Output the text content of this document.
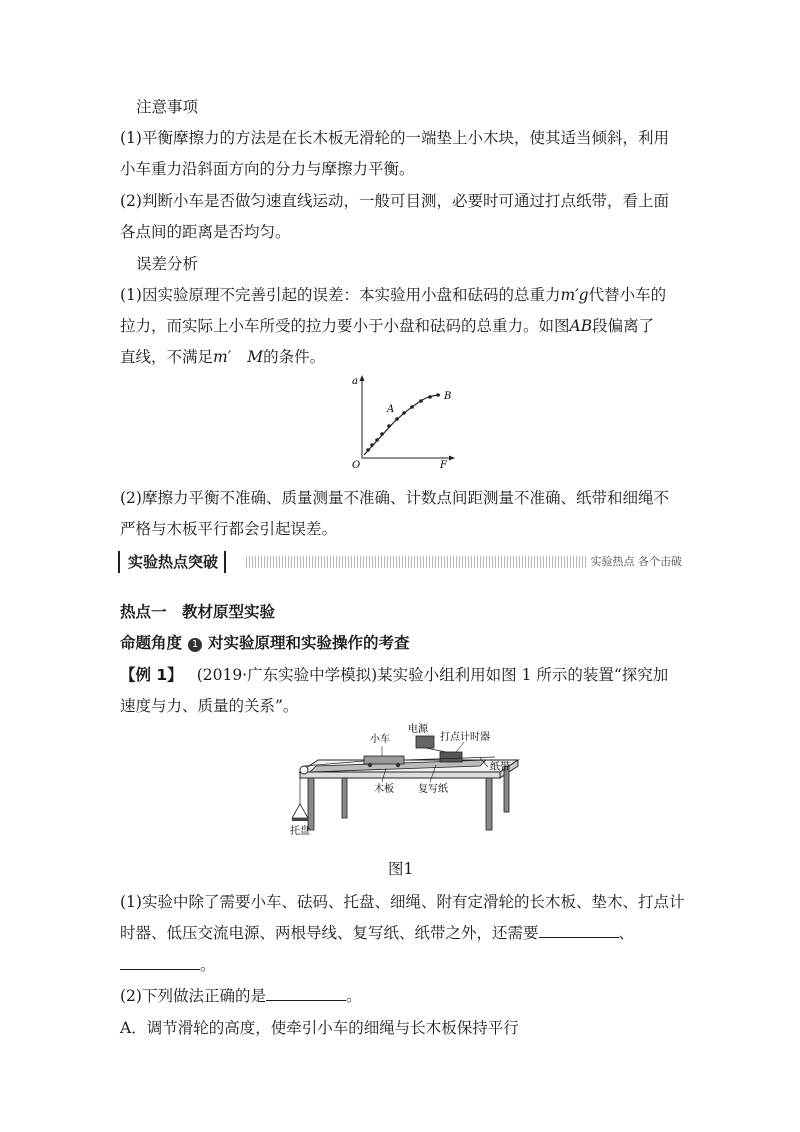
注意事项
(1)平衡摩擦力的方法是在长木板无滑轮的一端垫上小木块，使其适当倾斜，利用
小车重力沿斜面方向的分力与摩擦力平衡。
(2)判断小车是否做匀速直线运动，一般可目测，必要时可通过打点纸带，看上面
各点间的距离是否均匀。
误差分析
(1)因实验原理不完善引起的误差：本实验用小盘和砝码的总重力m′g代替小车的
拉力，而实际上小车所受的拉力要小于小盘和砝码的总重力。如图AB段偏离了
直线，不满足m′ M的条件。
a
F
O
A
B
(2)摩擦力平衡不准确、质量测量不准确、计数点间距测量不准确、纸带和细绳不
严格与木板平行都会引起误差。
实验热点突破	实验热点 各个击破
热点一　教材原型实验
命题角度 1 对实验原理和实验操作的考查
【例 1】 (2019·广东实验中学模拟)某实验小组利用如图 1 所示的装置“探究加
速度与力、质量的关系”。
电源
小车	打点计时器
纸带
木板 复写纸
托盘
图1
(1)实验中除了需要小车、砝码、托盘、细绳、附有定滑轮的长木板、垫木、打点计
时器、低压交流电源、两根导线、复写纸、纸带之外，还需要	、
。
(2)下列做法正确的是	。
A．调节滑轮的高度，使牵引小车的细绳与长木板保持平行
